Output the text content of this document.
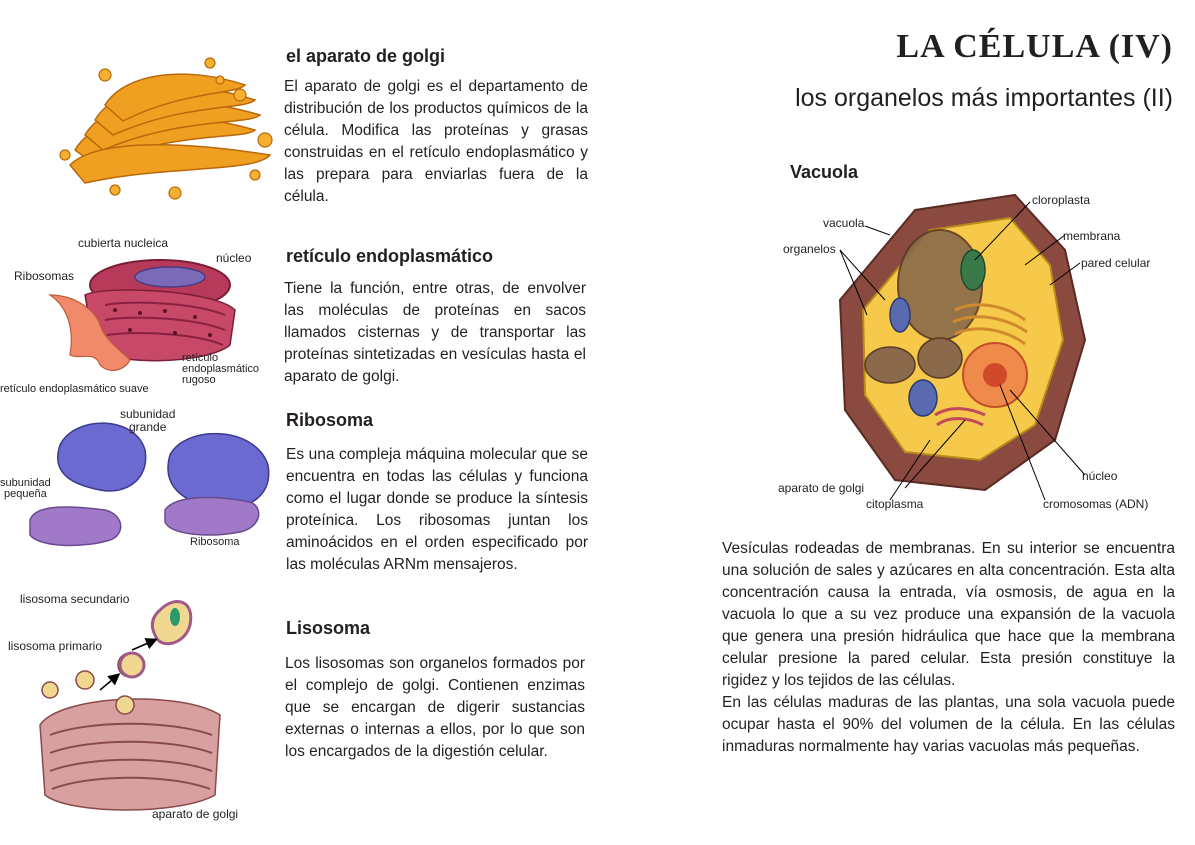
cubierta nucleica
núcleo
Ribosomas
retículo
endoplasmático
rugoso
retículo endoplasmático suave
subunidad
grande
subunidad
pequeña
Ribosoma
lisosoma secundario
lisosoma primario
aparato de golgi
el aparato de golgi
El aparato de golgi es el departamento de distribución de los productos químicos de la célula. Modifica las proteínas y grasas construidas en el retículo endoplasmático y las prepara para enviarlas fuera de la célula.
retículo endoplasmático
Tiene la función, entre otras, de envolver las moléculas de proteínas en sacos llamados cisternas y de transportar las proteínas sintetizadas en vesículas hasta el aparato de golgi.
Ribosoma
Es una compleja máquina molecular que se encuentra en todas las células y funciona como el lugar donde se produce la síntesis proteínica. Los ribosomas juntan los aminoácidos en el orden especificado por las moléculas ARNm mensajeros.
Lisosoma
Los lisosomas son organelos formados por el complejo de golgi. Contienen enzimas que se encargan de digerir sustancias externas o internas a ellos, por lo que son los encargados de la digestión celular.
LA CÉLULA (IV)
los organelos más importantes (II)
Vacuola
cloroplasta
vacuola
membrana
organelos
pared celular
núcleo
aparato de golgi
citoplasma	cromosomas (ADN)
Vesículas rodeadas de membranas. En su interior se encuentra una solución de sales y azúcares en alta concentración. Esta alta concentración causa la entrada, vía osmosis, de agua en la vacuola lo que a su vez produce una expansión de la vacuola que genera una presión hidráulica que hace que la membrana celular presione la pared celular. Esta presión constituye la rigidez y los tejidos de las células.
En las células maduras de las plantas, una sola vacuola puede ocupar hasta el 90% del volumen de la célula. En las células inmaduras normalmente hay varias vacuolas más pequeñas.
